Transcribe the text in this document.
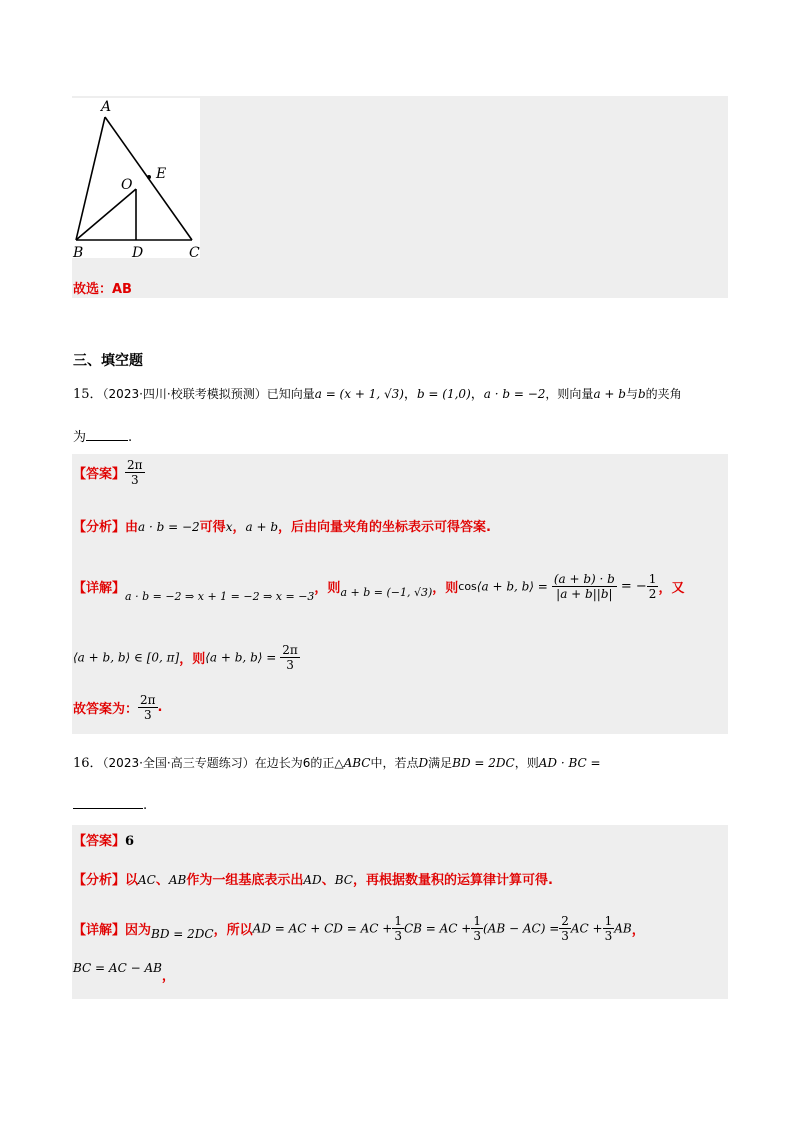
A
O
E
B	D	C
故选：AB
三、填空题
15．（2023·四川·校联考模拟预测）已知向量a = (x + 1, √3)，b = (1,0)，a · b = −2，则向量a + b与b的夹角
为	.
【答案】 $\frac{2\pi}{3}$
【分析】由a · b = −2可得x，a + b，后由向量夹角的坐标表示可得答案.
【详解】$_{a \cdot b = -2 \Rightarrow x + 1 = -2 \Rightarrow x = -3}$，则$_{a + b = (-1, √3)}$，则cos⟨a + b, b⟩ = $\frac{(a + b) \cdot b}{|a + b||b|}$ = − $\frac{1}{2}$ ，又
⟨a + b, b⟩ ∈ [0, π]，则⟨a + b, b⟩ = $\frac{2\pi}{3}$
故答案为： $\frac{2\pi}{3}$ .
16．（2023·全国·高三专题练习）在边长为6的正△ABC中，若点D满足BD = 2DC，则AD · BC =
.
【答案】6
【分析】以AC、AB作为一组基底表示出AD、BC，再根据数量积的运算律计算可得.
【详解】因为BD = 2DC，所以AD = AC + CD = AC + $\frac{1}{3}$ CB = AC + $\frac{1}{3} (AB - AC) = \frac{2}{3}$ AC + $\frac{1}{3}$ AB，
BC = AC − AB，
